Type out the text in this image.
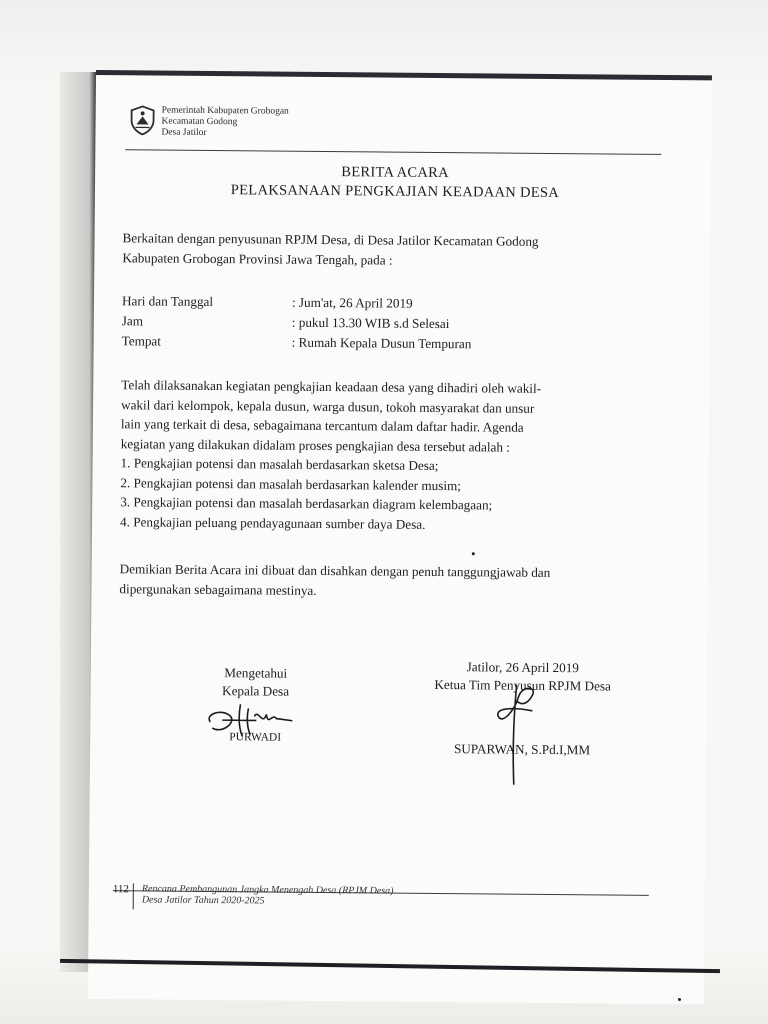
Pemerintah Kabupaten Grobogan
Kecamatan Godong
Desa Jatilor
BERITA ACARA
PELAKSANAAN PENGKAJIAN KEADAAN DESA
Berkaitan dengan penyusunan RPJM Desa, di Desa Jatilor Kecamatan Godong
Kabupaten Grobogan Provinsi Jawa Tengah, pada :
Hari dan Tanggal	: Jum'at, 26 April 2019
Jam	: pukul 13.30 WIB s.d Selesai
Tempat	: Rumah Kepala Dusun Tempuran
Telah dilaksanakan kegiatan pengkajian keadaan desa yang dihadiri oleh wakil-
wakil dari kelompok, kepala dusun, warga dusun, tokoh masyarakat dan unsur
lain yang terkait di desa, sebagaimana tercantum dalam daftar hadir. Agenda
kegiatan yang dilakukan didalam proses pengkajian desa tersebut adalah :
1. Pengkajian potensi dan masalah berdasarkan sketsa Desa;
2. Pengkajian potensi dan masalah berdasarkan kalender musim;
3. Pengkajian potensi dan masalah berdasarkan diagram kelembagaan;
4. Pengkajian peluang pendayagunaan sumber daya Desa.
Demikian Berita Acara ini dibuat dan disahkan dengan penuh tanggungjawab dan
dipergunakan sebagaimana mestinya.
Mengetahui
Kepala Desa
PURWADI
Jatilor, 26 April 2019
Ketua Tim Penyusun RPJM Desa
SUPARWAN, S.Pd.I,MM
112	Rencana Pembangunan Jangka Menengah Desa (RPJM Desa)
Desa Jatilor Tahun 2020-2025
